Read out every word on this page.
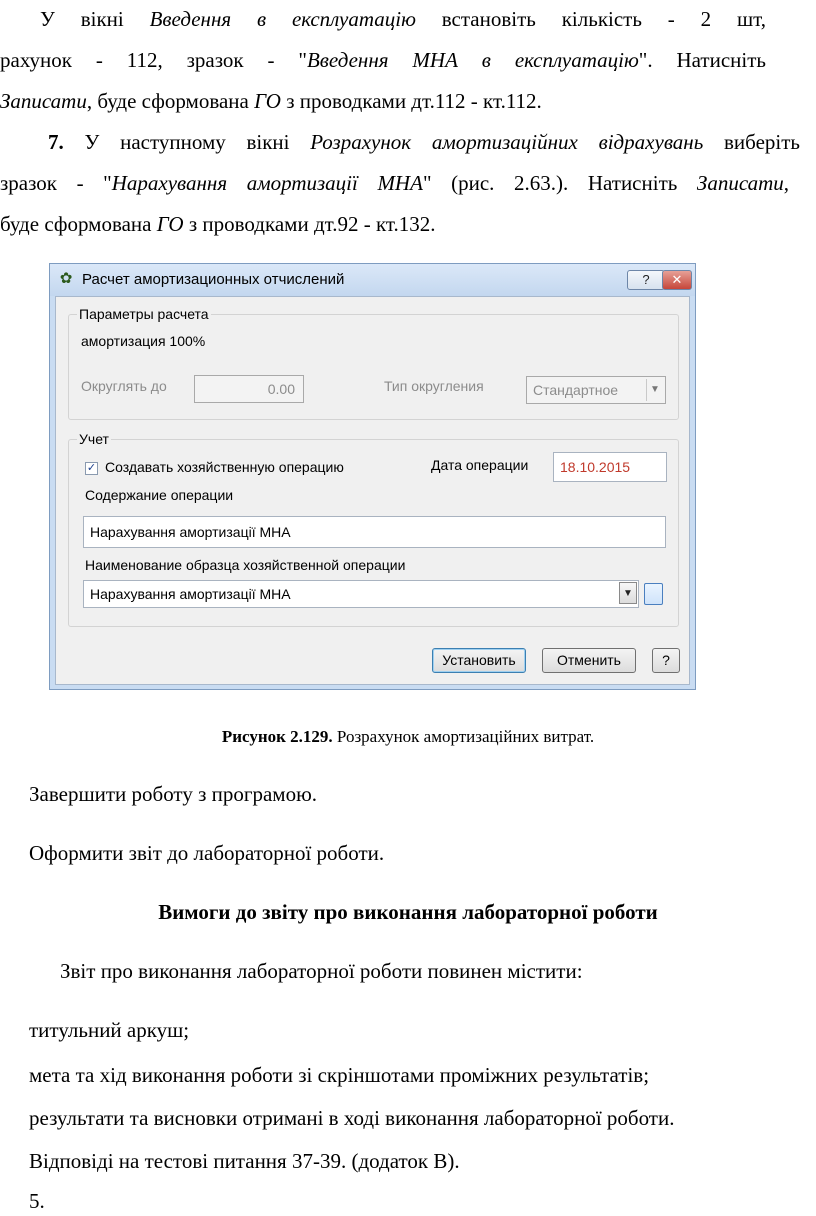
У вікні Введення в експлуатацію встановіть кількість - 2 шт,
рахунок - 112, зразок - "Введення МНА в експлуатацію". Натисніть
Записати, буде сформована ГО з проводками дт.112 - кт.112.
7. У наступному вікні Розрахунок амортизаційних відрахувань виберіть
зразок - "Нарахування амортизації МНА" (рис. 2.63.). Натисніть Записати,
буде сформована ГО з проводками дт.92 - кт.132.
✿ Расчет амортизационных отчислений	?	✕
Параметры расчета
амортизация 100%
Округлять до	0.00	Тип округления	Стандартное	▼
Учет
✓ Создавать хозяйственную операцию	Дата операции	18.10.2015
Содержание операции
Нарахування амортизації МНА
Наименование образца хозяйственной операции
Нарахування амортизації МНА	▼
Установить	Отменить	?
Рисунок 2.129. Розрахунок амортизаційних витрат.
Завершити роботу з програмою.
Оформити звіт до лабораторної роботи.
Вимоги до звіту про виконання лабораторної роботи
Звіт про виконання лабораторної роботи повинен містити:
титульний аркуш;
мета та хід виконання роботи зі скріншотами проміжних результатів;
результати та висновки отримані в ході виконання лабораторної роботи.
Відповіді на тестові питання 37-39. (додаток В).
5.
